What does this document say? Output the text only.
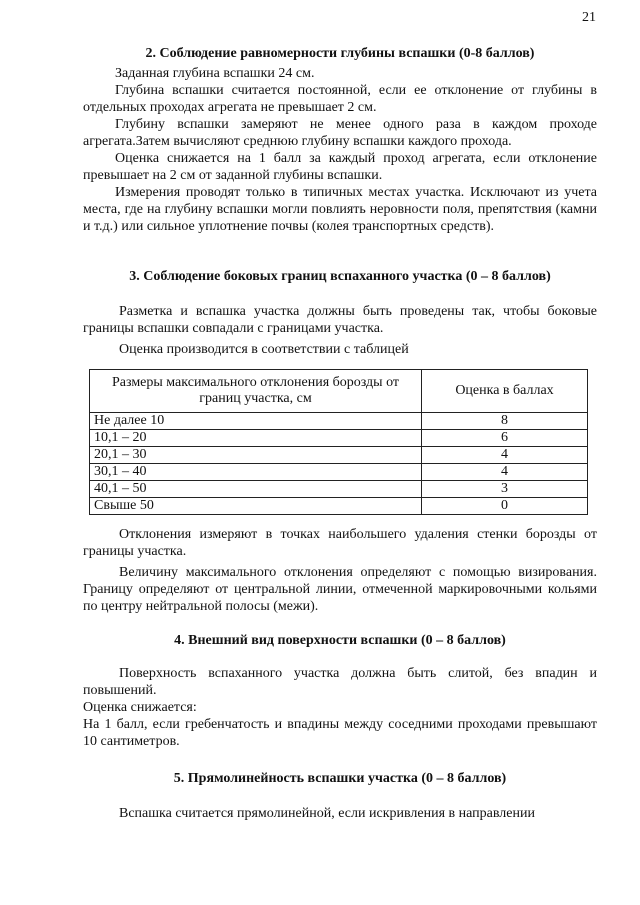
21
2. Соблюдение равномерности глубины вспашки (0-8 баллов)

Заданная глубина вспашки 24 см.

Глубина вспашки считается постоянной, если ее отклонение от глубины в отдельных проходах агрегата не превышает 2 см.

Глубину вспашки замеряют не менее одного раза в каждом проходе агрегата.Затем вычисляют среднюю глубину вспашки каждого прохода.

Оценка снижается на 1 балл за каждый проход агрегата, если отклонение превышает на 2 см от заданной глубины вспашки.

Измерения проводят только в типичных местах участка. Исключают из учета места, где на глубину вспашки могли повлиять неровности поля, препятствия (камни и т.д.) или сильное уплотнение почвы (колея транспортных средств).

3. Соблюдение боковых границ вспаханного участка (0 – 8 баллов)

Разметка и вспашка участка должны быть проведены так, чтобы боковые границы вспашки совпадали с границами участка.

Оценка производится в соответствии с таблицей

Размеры максимального отклонения борозды от границ участка, см	Оценка в баллах
Не далее 10	8
10,1 – 20	6
20,1 – 30	4
30,1 – 40	4
40,1 – 50	3
Свыше 50	0

Отклонения измеряют в точках наибольшего удаления стенки борозды от границы участка.

Величину максимального отклонения определяют с помощью визирования. Границу определяют от центральной линии, отмеченной маркировочными кольями по центру нейтральной полосы (межи).

4. Внешний вид поверхности вспашки (0 – 8 баллов)

Поверхность вспаханного участка должна быть слитой, без впадин и повышений.

Оценка снижается:

На 1 балл, если гребенчатость и впадины между соседними проходами превышают 10 сантиметров.

5. Прямолинейность вспашки участка (0 – 8 баллов)

Вспашка считается прямолинейной, если искривления в направлении
